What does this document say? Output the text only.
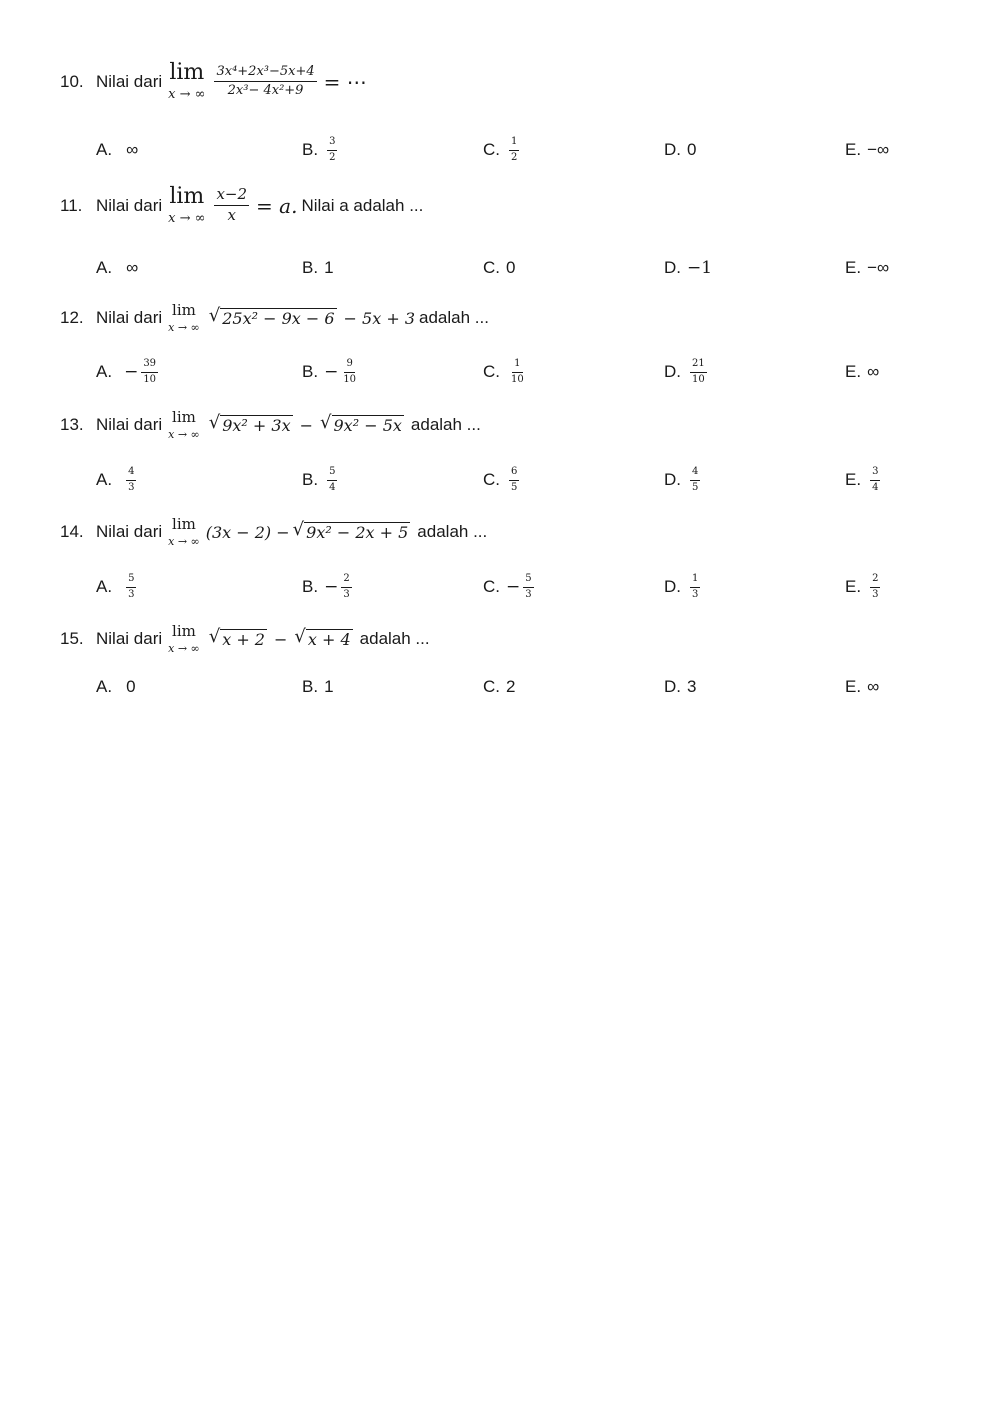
10. Nilai dari lim
x → ∞ $\frac{\text{3x⁴+2x³−5x+4}}{\text{2x³− 4x²+9}}$ = ⋯
A. ∞	B. $\frac{3}{2}$	C. $\frac{1}{2}$	D. 0	E. −∞
11. Nilai dari lim
x → ∞ $\frac{x-2}{x} = a$. Nilai a adalah ...
A. ∞	B. 1	C. 0	D. −1	E. −∞
12. Nilai dari lim
x → ∞
√ 25x² − 9x − 6 − 5x + 3 adalah ...
A. − $\frac{39}{10}$	B. − $\frac{9}{10}$	C. $\frac{1}{10}$	D. $\frac{21}{10}$	E. ∞
13. Nilai dari lim
x → ∞
√ 9x² + 3x − √ 9x² − 5x adalah ...
A. $\frac{4}{3}$	B. $\frac{5}{4}$	C. $\frac{6}{5}$	D. $\frac{4}{5}$	E. $\frac{3}{4}$
14. Nilai dari lim
x → ∞ (3x − 2) − √ 9x² − 2x + 5 adalah ...
A. $\frac{5}{3}$	B. − $\frac{2}{3}$	C. − $\frac{5}{3}$	D. $\frac{1}{3}$	E. $\frac{2}{3}$
15. Nilai dari lim
x → ∞
√ x + 2 − √ x + 4 adalah ...
A. 0	B. 1	C. 2	D. 3	E. ∞
